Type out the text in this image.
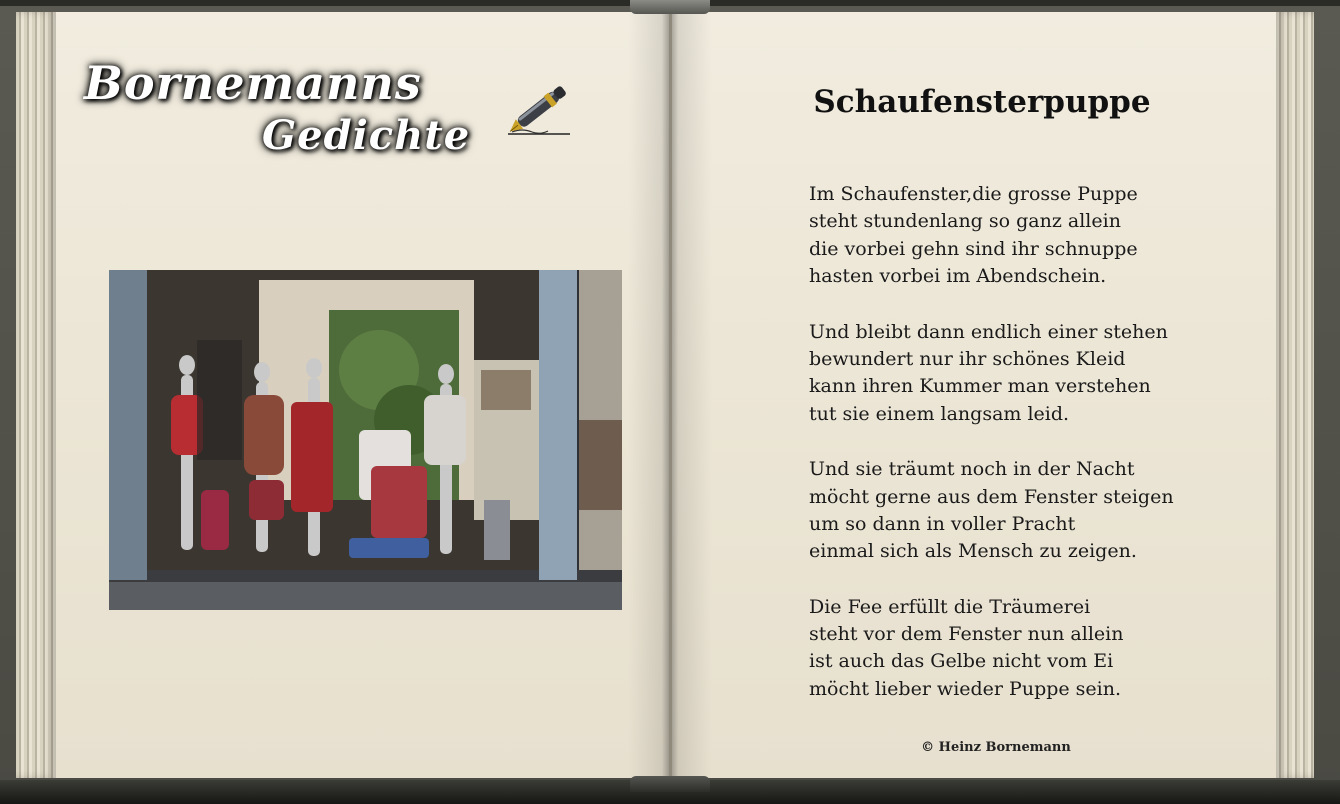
Bornemanns
Gedichte
Schaufensterpuppe
Im Schaufenster,die grosse Puppe
steht stundenlang so ganz allein
die vorbei gehn sind ihr schnuppe
hasten vorbei im Abendschein.
Und bleibt dann endlich einer stehen
bewundert nur ihr schönes Kleid
kann ihren Kummer man verstehen
tut sie einem langsam leid.
Und sie träumt noch in der Nacht
möcht gerne aus dem Fenster steigen
um so dann in voller Pracht
einmal sich als Mensch zu zeigen.
Die Fee erfüllt die Träumerei
steht vor dem Fenster nun allein
ist auch das Gelbe nicht vom Ei
möcht lieber wieder Puppe sein.
© Heinz Bornemann
